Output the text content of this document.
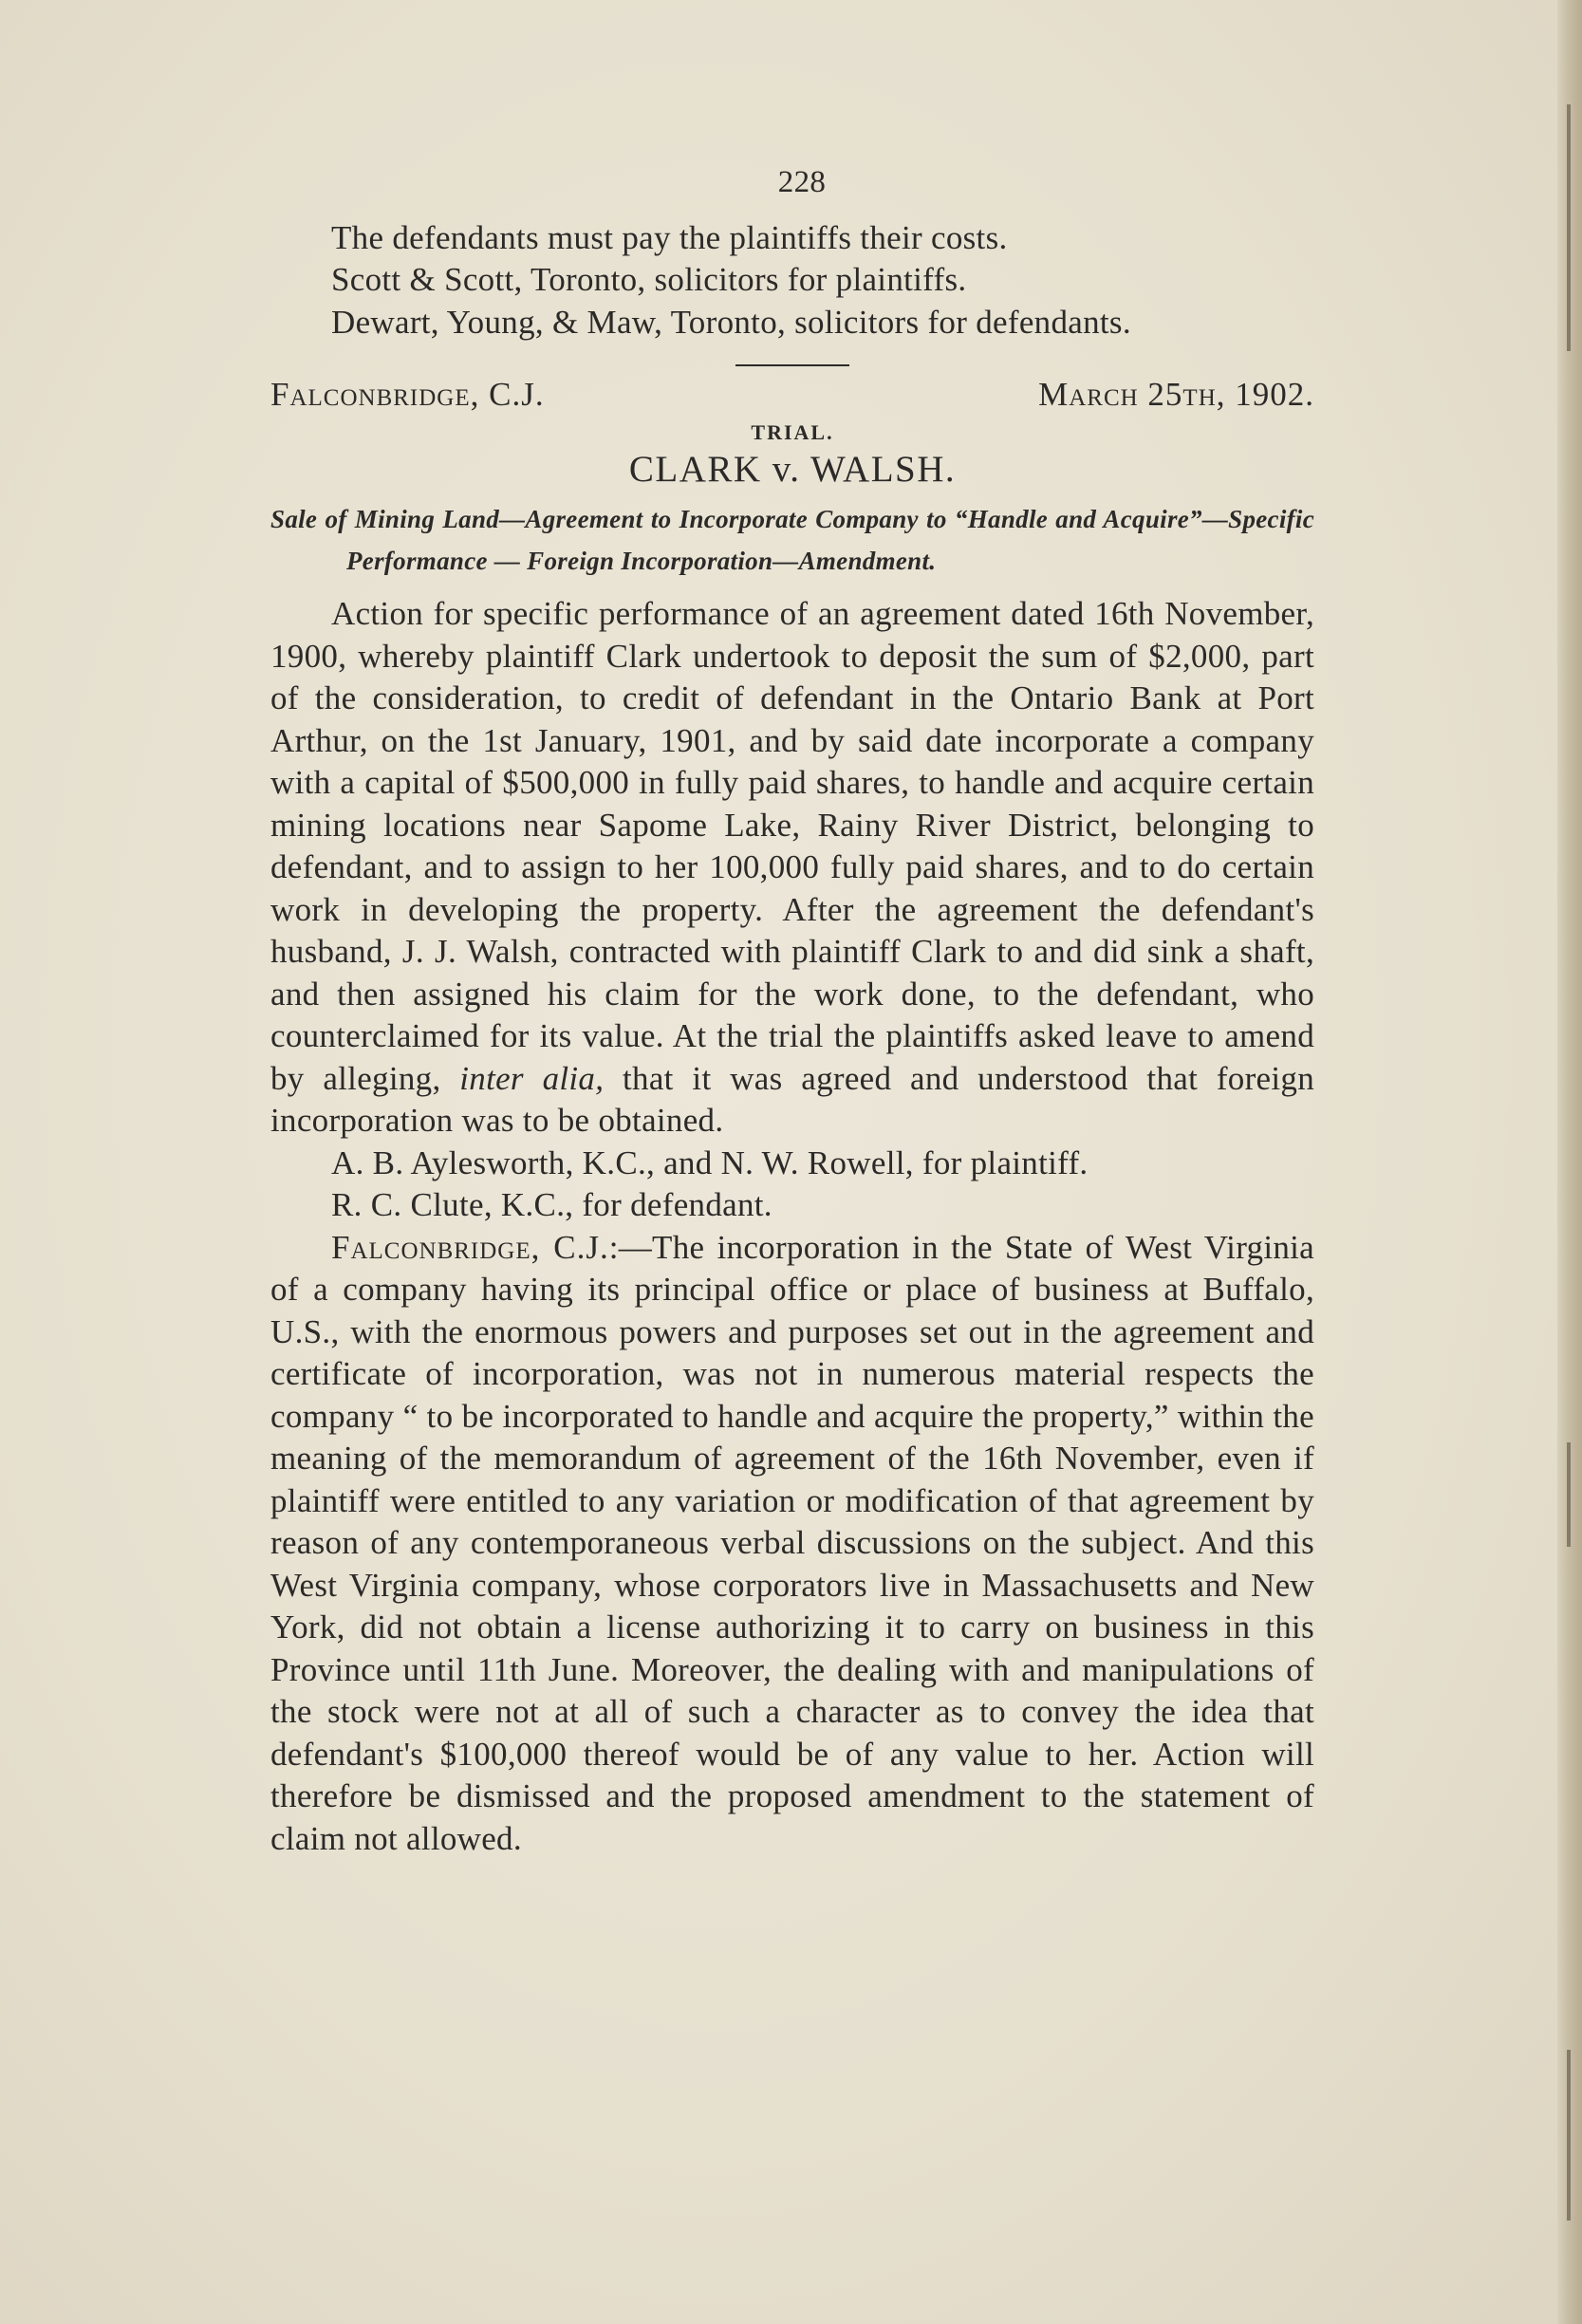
228

The defendants must pay the plaintiffs their costs.

Scott & Scott, Toronto, solicitors for plaintiffs.

Dewart, Young, & Maw, Toronto, solicitors for defendants.

Falconbridge, C.J.	March 25th, 1902.

TRIAL.

CLARK v. WALSH.

Sale of Mining Land—Agreement to Incorporate Company to “Handle and Acquire”—Specific Performance — Foreign Incorporation—Amendment.

Action for specific performance of an agreement dated 16th November, 1900, whereby plaintiff Clark undertook to deposit the sum of $2,000, part of the consideration, to credit of defendant in the Ontario Bank at Port Arthur, on the 1st January, 1901, and by said date incorporate a company with a capital of $500,000 in fully paid shares, to handle and acquire certain mining locations near Sapome Lake, Rainy River District, belonging to defendant, and to assign to her 100,000 fully paid shares, and to do certain work in developing the property. After the agreement the defendant's husband, J. J. Walsh, contracted with plaintiff Clark to and did sink a shaft, and then assigned his claim for the work done, to the defendant, who counterclaimed for its value. At the trial the plaintiffs asked leave to amend by alleging, inter alia, that it was agreed and understood that foreign incorporation was to be obtained.

A. B. Aylesworth, K.C., and N. W. Rowell, for plaintiff.

R. C. Clute, K.C., for defendant.

Falconbridge, C.J.:—The incorporation in the State of West Virginia of a company having its principal office or place of business at Buffalo, U.S., with the enormous powers and purposes set out in the agreement and certificate of incorporation, was not in numerous material respects the company “ to be incorporated to handle and acquire the property,” within the meaning of the memorandum of agreement of the 16th November, even if plaintiff were entitled to any variation or modification of that agreement by reason of any contemporaneous verbal discussions on the subject. And this West Virginia company, whose corporators live in Massachusetts and New York, did not obtain a license authorizing it to carry on business in this Province until 11th June. Moreover, the dealing with and manipulations of the stock were not at all of such a character as to convey the idea that defendant's $100,000 thereof would be of any value to her. Action will therefore be dismissed and the proposed amendment to the statement of claim not allowed.
